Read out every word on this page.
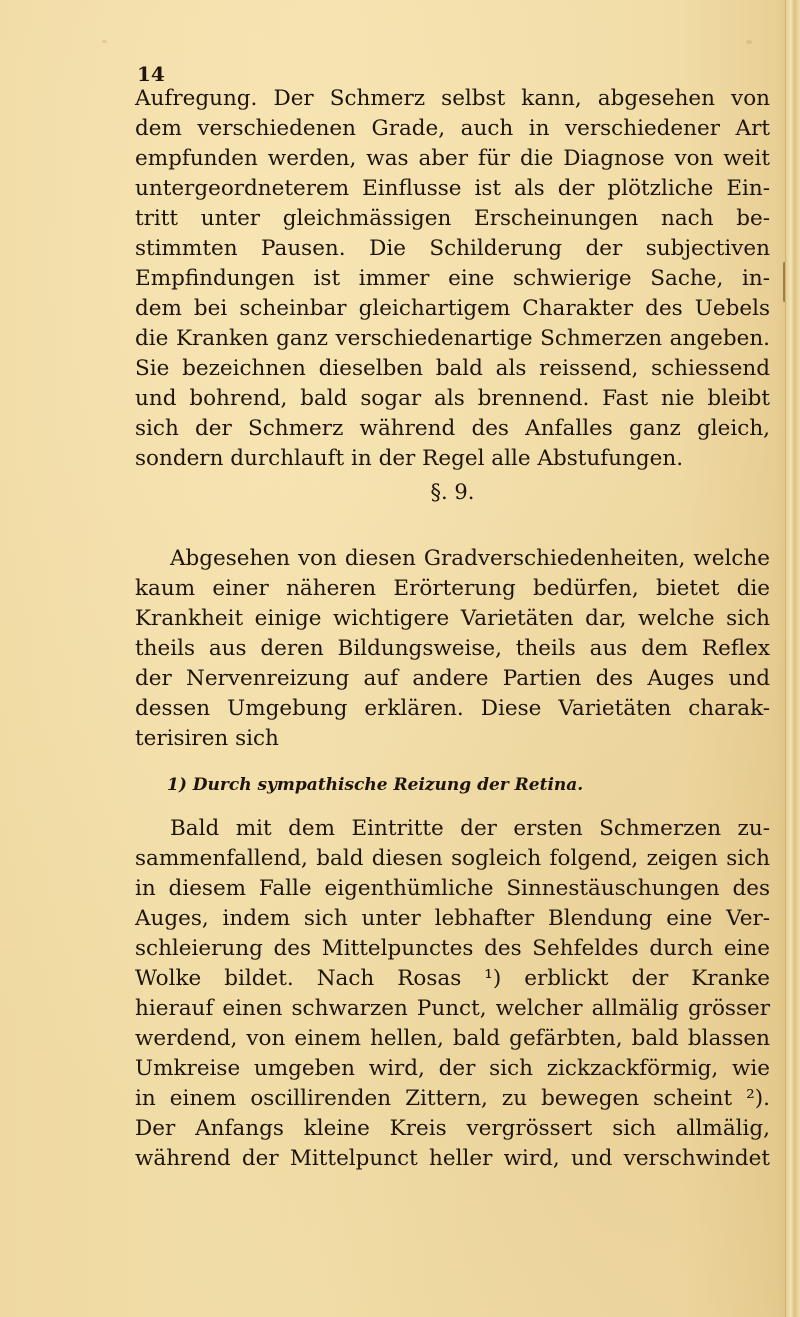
14
Aufregung. Der Schmerz selbst kann, abgesehen von
dem verschiedenen Grade, auch in verschiedener Art
empfunden werden, was aber für die Diagnose von weit
untergeordneterem Einflusse ist als der plötzliche Ein-
tritt unter gleichmässigen Erscheinungen nach be-
stimmten Pausen. Die Schilderung der subjectiven
Empfindungen ist immer eine schwierige Sache, in-
dem bei scheinbar gleichartigem Charakter des Uebels
die Kranken ganz verschiedenartige Schmerzen angeben.
Sie bezeichnen dieselben bald als reissend, schiessend
und bohrend, bald sogar als brennend. Fast nie bleibt
sich der Schmerz während des Anfalles ganz gleich,
sondern durchlauft in der Regel alle Abstufungen.
§. 9.
Abgesehen von diesen Gradverschiedenheiten, welche
kaum einer näheren Erörterung bedürfen, bietet die
Krankheit einige wichtigere Varietäten dar, welche sich
theils aus deren Bildungsweise, theils aus dem Reflex
der Nervenreizung auf andere Partien des Auges und
dessen Umgebung erklären. Diese Varietäten charak-
terisiren sich
1) Durch sympathische Reizung der Retina.
Bald mit dem Eintritte der ersten Schmerzen zu-
sammenfallend, bald diesen sogleich folgend, zeigen sich
in diesem Falle eigenthümliche Sinnestäuschungen des
Auges, indem sich unter lebhafter Blendung eine Ver-
schleierung des Mittelpunctes des Sehfeldes durch eine
Wolke bildet. Nach Rosas ¹) erblickt der Kranke
hierauf einen schwarzen Punct, welcher allmälig grösser
werdend, von einem hellen, bald gefärbten, bald blassen
Umkreise umgeben wird, der sich zickzackförmig, wie
in einem oscillirenden Zittern, zu bewegen scheint ²).
Der Anfangs kleine Kreis vergrössert sich allmälig,
während der Mittelpunct heller wird, und verschwindet
